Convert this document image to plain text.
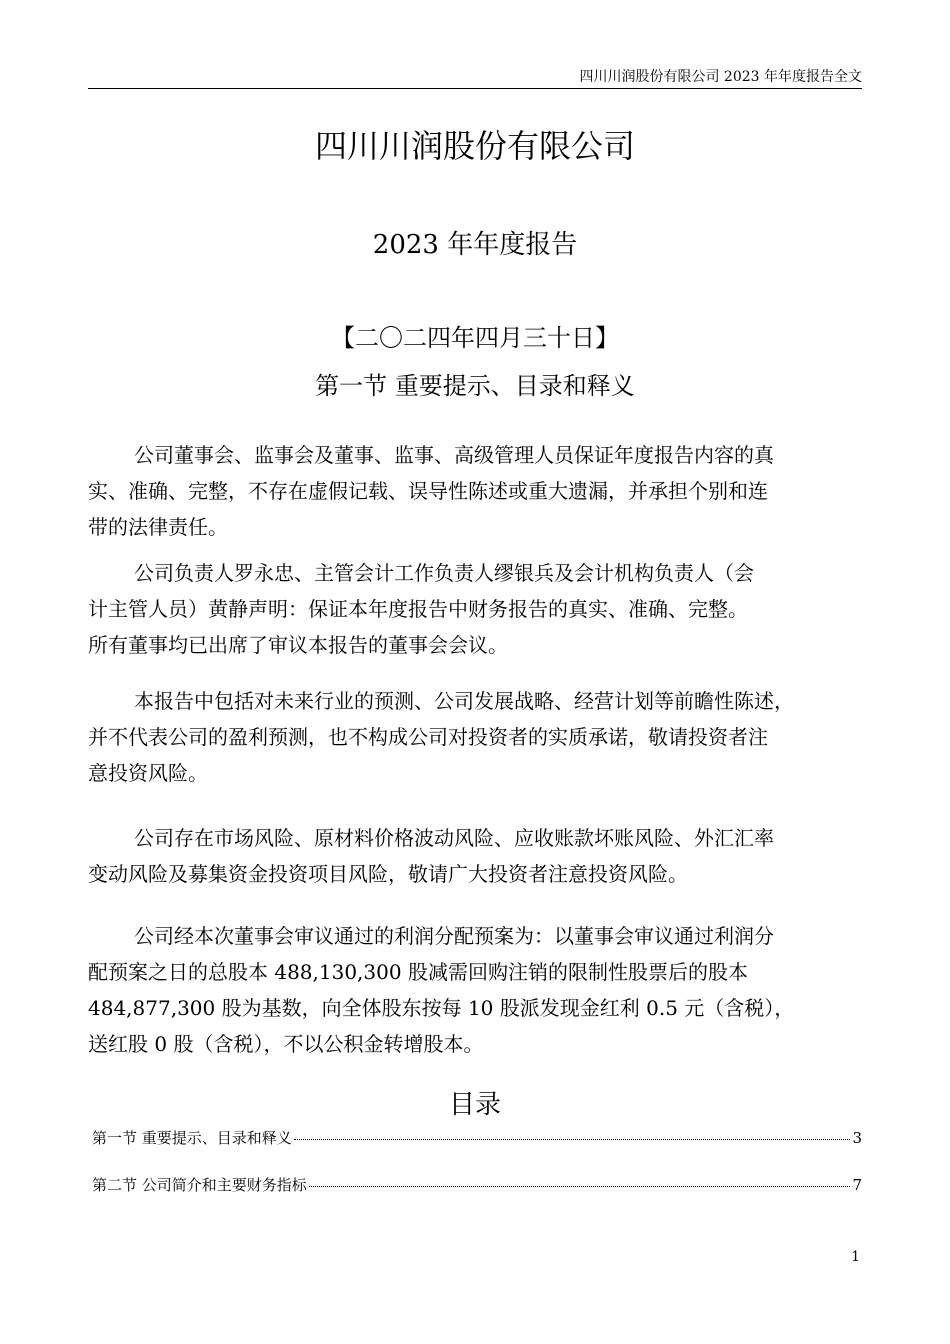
四川川润股份有限公司 2023 年年度报告全文
四川川润股份有限公司
2023 年年度报告
【二〇二四年四月三十日】
第一节 重要提示、目录和释义

公司董事会、监事会及董事、监事、高级管理人员保证年度报告内容的真
实、准确、完整，不存在虚假记载、误导性陈述或重大遗漏，并承担个别和连
带的法律责任。

公司负责人罗永忠、主管会计工作负责人缪银兵及会计机构负责人（会
计主管人员）黄静声明：保证本年度报告中财务报告的真实、准确、完整。
所有董事均已出席了审议本报告的董事会会议。

本报告中包括对未来行业的预测、公司发展战略、经营计划等前瞻性陈述，
并不代表公司的盈利预测，也不构成公司对投资者的实质承诺，敬请投资者注
意投资风险。

公司存在市场风险、原材料价格波动风险、应收账款坏账风险、外汇汇率
变动风险及募集资金投资项目风险，敬请广大投资者注意投资风险。

公司经本次董事会审议通过的利润分配预案为：以董事会审议通过利润分
配预案之日的总股本 488,130,300 股减需回购注销的限制性股票后的股本
484,877,300 股为基数，向全体股东按每 10 股派发现金红利 0.5 元（含税），
送红股 0 股（含税），不以公积金转增股本。

目录
第一节 重要提示、目录和释义	3
第二节 公司简介和主要财务指标	7
1
